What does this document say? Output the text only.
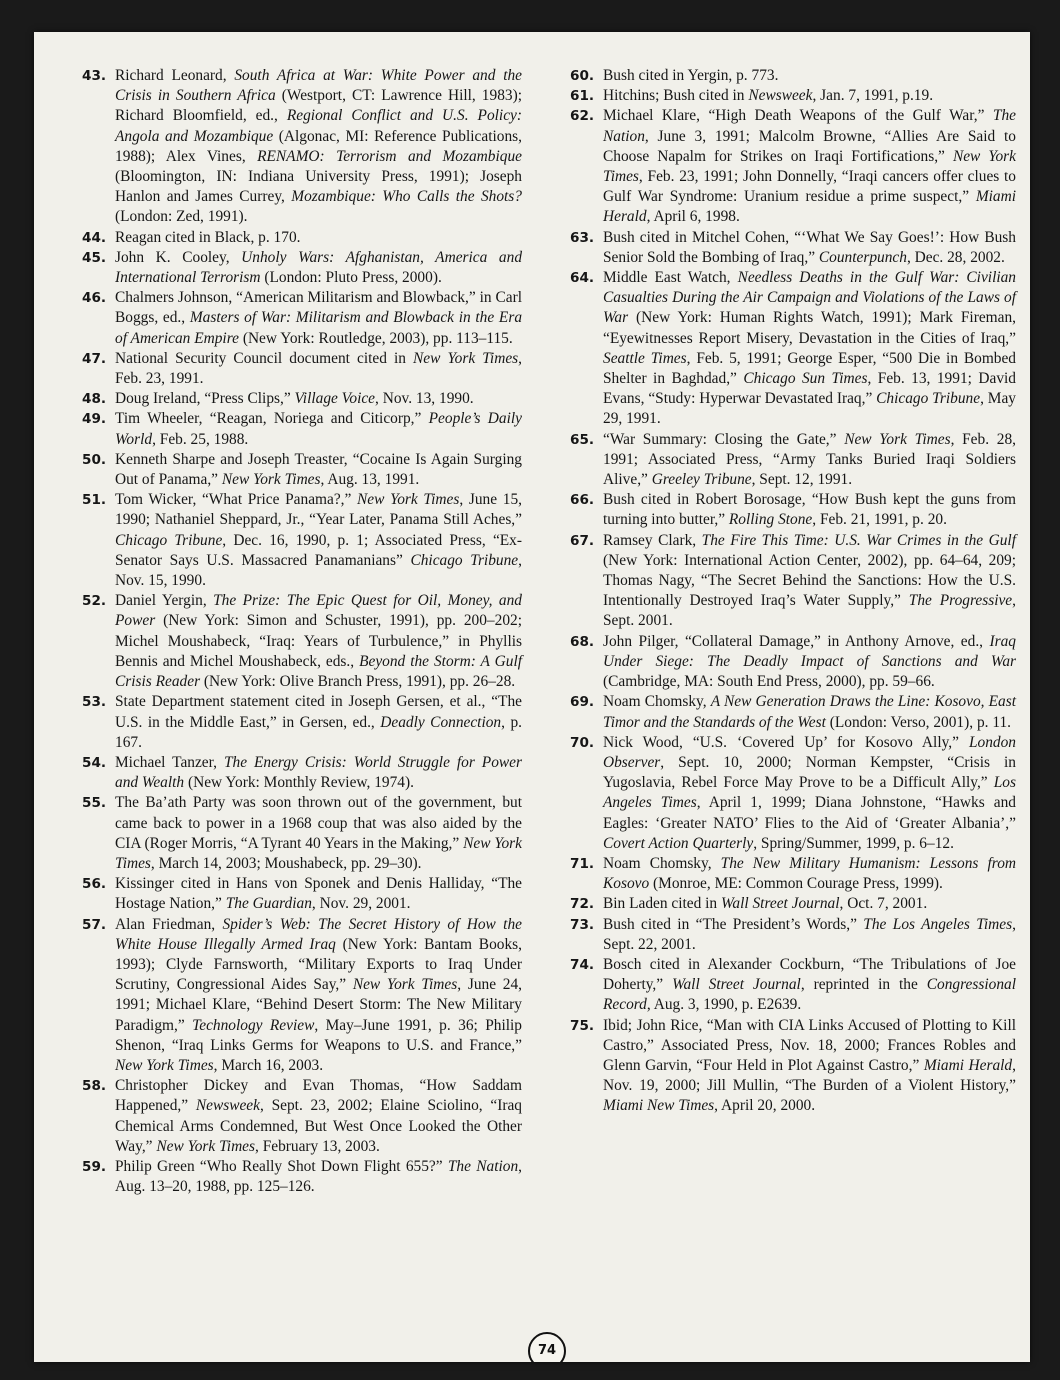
43. Richard Leonard, South Africa at War: White Power and the Crisis in Southern Africa (Westport, CT: Lawrence Hill, 1983); Richard Bloomfield, ed., Regional Conflict and U.S. Policy: Angola and Mozambique (Algonac, MI: Reference Publications, 1988); Alex Vines, RENAMO: Terrorism and Mozambique (Bloomington, IN: Indiana University Press, 1991); Joseph Hanlon and James Currey, Mozambique: Who Calls the Shots? (London: Zed, 1991).

44. Reagan cited in Black, p. 170.

45. John K. Cooley, Unholy Wars: Afghanistan, America and International Terrorism (London: Pluto Press, 2000).

46. Chalmers Johnson, “American Militarism and Blowback,” in Carl Boggs, ed., Masters of War: Militarism and Blowback in the Era of American Empire (New York: Routledge, 2003), pp. 113–115.

47. National Security Council document cited in New York Times, Feb. 23, 1991.

48. Doug Ireland, “Press Clips,” Village Voice, Nov. 13, 1990.

49. Tim Wheeler, “Reagan, Noriega and Citicorp,” People’s Daily World, Feb. 25, 1988.

50. Kenneth Sharpe and Joseph Treaster, “Cocaine Is Again Surging Out of Panama,” New York Times, Aug. 13, 1991.

51. Tom Wicker, “What Price Panama?,” New York Times, June 15, 1990; Nathaniel Sheppard, Jr., “Year Later, Panama Still Aches,” Chicago Tribune, Dec. 16, 1990, p. 1; Associated Press, “Ex-Senator Says U.S. Massacred Panamanians” Chicago Tribune, Nov. 15, 1990.

52. Daniel Yergin, The Prize: The Epic Quest for Oil, Money, and Power (New York: Simon and Schuster, 1991), pp. 200–202; Michel Moushabeck, “Iraq: Years of Turbulence,” in Phyllis Bennis and Michel Moushabeck, eds., Beyond the Storm: A Gulf Crisis Reader (New York: Olive Branch Press, 1991), pp. 26–28.

53. State Department statement cited in Joseph Gersen, et al., “The U.S. in the Middle East,” in Gersen, ed., Deadly Connection, p. 167.

54. Michael Tanzer, The Energy Crisis: World Struggle for Power and Wealth (New York: Monthly Review, 1974).

55. The Ba’ath Party was soon thrown out of the government, but came back to power in a 1968 coup that was also aided by the CIA (Roger Morris, “A Tyrant 40 Years in the Making,” New York Times, March 14, 2003; Moushabeck, pp. 29–30).

56. Kissinger cited in Hans von Sponek and Denis Halliday, “The Hostage Nation,” The Guardian, Nov. 29, 2001.

57. Alan Friedman, Spider’s Web: The Secret History of How the White House Illegally Armed Iraq (New York: Bantam Books, 1993); Clyde Farnsworth, “Military Exports to Iraq Under Scrutiny, Congressional Aides Say,” New York Times, June 24, 1991; Michael Klare, “Behind Desert Storm: The New Military Paradigm,” Technology Review, May–June 1991, p. 36; Philip Shenon, “Iraq Links Germs for Weapons to U.S. and France,” New York Times, March 16, 2003.

58. Christopher Dickey and Evan Thomas, “How Saddam Happened,” Newsweek, Sept. 23, 2002; Elaine Sciolino, “Iraq Chemical Arms Condemned, But West Once Looked the Other Way,” New York Times, February 13, 2003.

59. Philip Green “Who Really Shot Down Flight 655?” The Nation, Aug. 13–20, 1988, pp. 125–126.

60. Bush cited in Yergin, p. 773.

61. Hitchins; Bush cited in Newsweek, Jan. 7, 1991, p.19.

62. Michael Klare, “High Death Weapons of the Gulf War,” The Nation, June 3, 1991; Malcolm Browne, “Allies Are Said to Choose Napalm for Strikes on Iraqi Fortifications,” New York Times, Feb. 23, 1991; John Donnelly, “Iraqi cancers offer clues to Gulf War Syndrome: Uranium residue a prime suspect,” Miami Herald, April 6, 1998.

63. Bush cited in Mitchel Cohen, “‘What We Say Goes!’: How Bush Senior Sold the Bombing of Iraq,” Counterpunch, Dec. 28, 2002.

64. Middle East Watch, Needless Deaths in the Gulf War: Civilian Casualties During the Air Campaign and Violations of the Laws of War (New York: Human Rights Watch, 1991); Mark Fireman, “Eyewitnesses Report Misery, Devastation in the Cities of Iraq,” Seattle Times, Feb. 5, 1991; George Esper, “500 Die in Bombed Shelter in Baghdad,” Chicago Sun Times, Feb. 13, 1991; David Evans, “Study: Hyperwar Devastated Iraq,” Chicago Tribune, May 29, 1991.

65. “War Summary: Closing the Gate,” New York Times, Feb. 28, 1991; Associated Press, “Army Tanks Buried Iraqi Soldiers Alive,” Greeley Tribune, Sept. 12, 1991.

66. Bush cited in Robert Borosage, “How Bush kept the guns from turning into butter,” Rolling Stone, Feb. 21, 1991, p. 20.

67. Ramsey Clark, The Fire This Time: U.S. War Crimes in the Gulf (New York: International Action Center, 2002), pp. 64–64, 209; Thomas Nagy, “The Secret Behind the Sanctions: How the U.S. Intentionally Destroyed Iraq’s Water Supply,” The Progressive, Sept. 2001.

68. John Pilger, “Collateral Damage,” in Anthony Arnove, ed., Iraq Under Siege: The Deadly Impact of Sanctions and War (Cambridge, MA: South End Press, 2000), pp. 59–66.

69. Noam Chomsky, A New Generation Draws the Line: Kosovo, East Timor and the Standards of the West (London: Verso, 2001), p. 11.

70. Nick Wood, “U.S. ‘Covered Up’ for Kosovo Ally,” London Observer, Sept. 10, 2000; Norman Kempster, “Crisis in Yugoslavia, Rebel Force May Prove to be a Difficult Ally,” Los Angeles Times, April 1, 1999; Diana Johnstone, “Hawks and Eagles: ‘Greater NATO’ Flies to the Aid of ‘Greater Albania’,” Covert Action Quarterly, Spring/Summer, 1999, p. 6–12.

71. Noam Chomsky, The New Military Humanism: Lessons from Kosovo (Monroe, ME: Common Courage Press, 1999).

72. Bin Laden cited in Wall Street Journal, Oct. 7, 2001.

73. Bush cited in “The President’s Words,” The Los Angeles Times, Sept. 22, 2001.

74. Bosch cited in Alexander Cockburn, “The Tribulations of Joe Doherty,” Wall Street Journal, reprinted in the Congressional Record, Aug. 3, 1990, p. E2639.

75. Ibid; John Rice, “Man with CIA Links Accused of Plotting to Kill Castro,” Associated Press, Nov. 18, 2000; Frances Robles and Glenn Garvin, “Four Held in Plot Against Castro,” Miami Herald, Nov. 19, 2000; Jill Mullin, “The Burden of a Violent History,” Miami New Times, April 20, 2000.

74
